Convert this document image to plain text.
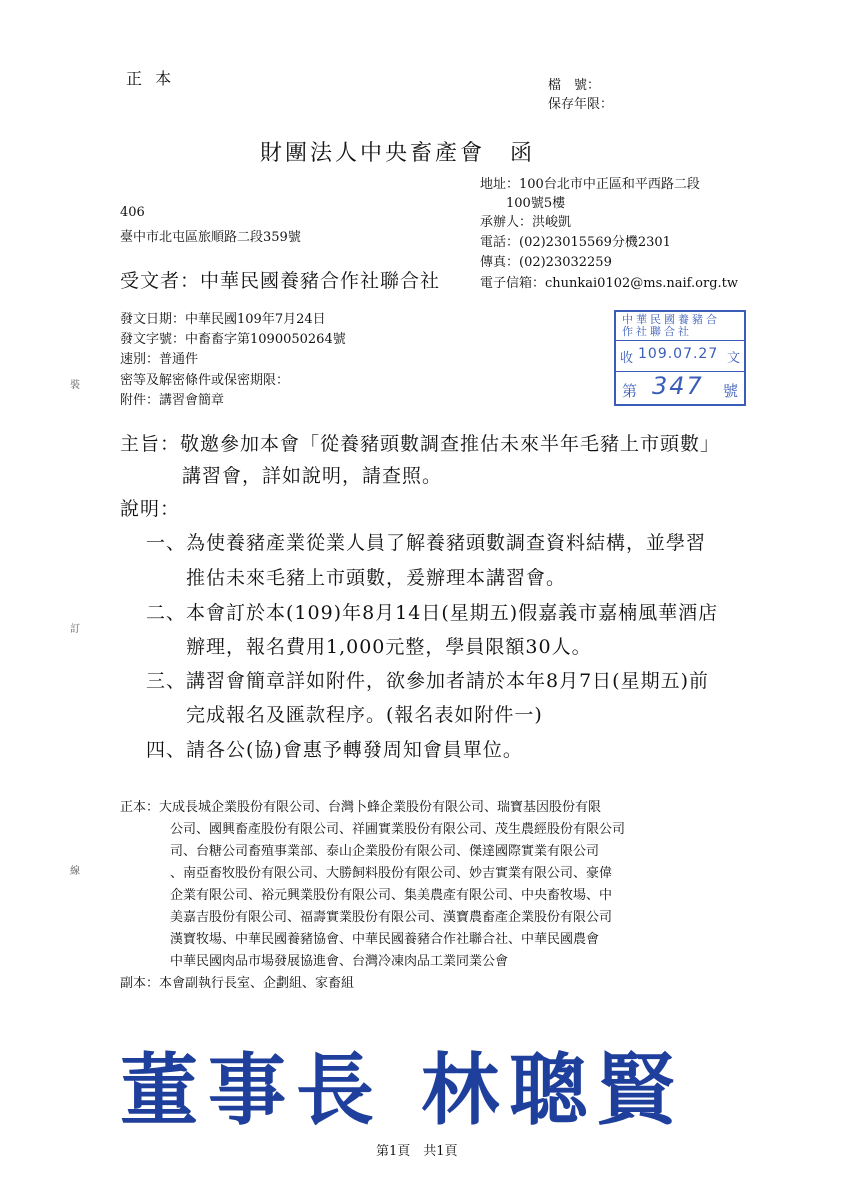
裝
訂
線
正 本	檔　號：
保存年限：
財團法人中央畜產會　函
地址：100台北市中正區和平西路二段
100號5樓
承辦人：洪峻凱
電話：(02)23015569分機2301
傳真：(02)23032259
電子信箱：chunkai0102@ms.naif.org.tw
406
臺中市北屯區旅順路二段359號
受文者：中華民國養豬合作社聯合社
發文日期：中華民國109年7月24日
發文字號：中畜畜字第1090050264號
速別：普通件
密等及解密條件或保密期限：
附件：講習會簡章
中華民國養豬合作社聯合社
收	文
109.07.27
第 347 號
主旨：敬邀參加本會「從養豬頭數調查推估未來半年毛豬上市頭數」
講習會，詳如說明，請查照。
說明：
一、為使養豬產業從業人員了解養豬頭數調查資料結構，並學習
推估未來毛豬上市頭數，爰辦理本講習會。
二、本會訂於本(109)年8月14日(星期五)假嘉義市嘉楠風華酒店
辦理，報名費用1,000元整，學員限額30人。
三、講習會簡章詳如附件，欲參加者請於本年8月7日(星期五)前
完成報名及匯款程序。(報名表如附件一)
四、請各公(協)會惠予轉發周知會員單位。
正本：大成長城企業股份有限公司、台灣卜蜂企業股份有限公司、瑞寶基因股份有限
公司、國興畜產股份有限公司、祥圃實業股份有限公司、茂生農經股份有限公司
司、台糖公司畜殖事業部、泰山企業股份有限公司、傑達國際實業有限公司
、南亞畜牧股份有限公司、大勝飼料股份有限公司、妙吉實業有限公司、豪偉
企業有限公司、裕元興業股份有限公司、集美農產有限公司、中央畜牧場、中
美嘉吉股份有限公司、福壽實業股份有限公司、漢寶農畜產企業股份有限公司
漢寶牧場、中華民國養豬協會、中華民國養豬合作社聯合社、中華民國農會
中華民國肉品市場發展協進會、台灣冷凍肉品工業同業公會
副本：本會副執行長室、企劃組、家畜組
董事長 林聰賢
第1頁　共1頁
